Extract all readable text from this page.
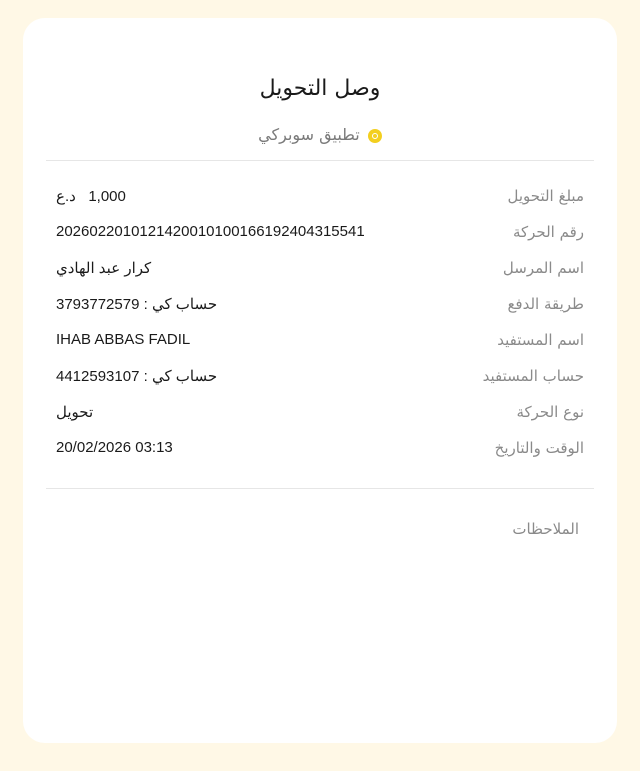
وصل التحويل
تطبيق سوبركي
مبلغ التحويل
1,000   د.ع
رقم الحركة
2026022010121420010100166192404315541
اسم المرسل
كرار عبد الهادي
طريقة الدفع
3793772579 : حساب كي
اسم المستفيد
IHAB ABBAS FADIL
حساب المستفيد
4412593107 : حساب كي
نوع الحركة
تحويل
الوقت والتاريخ
20/02/2026 03:13
الملاحظات
